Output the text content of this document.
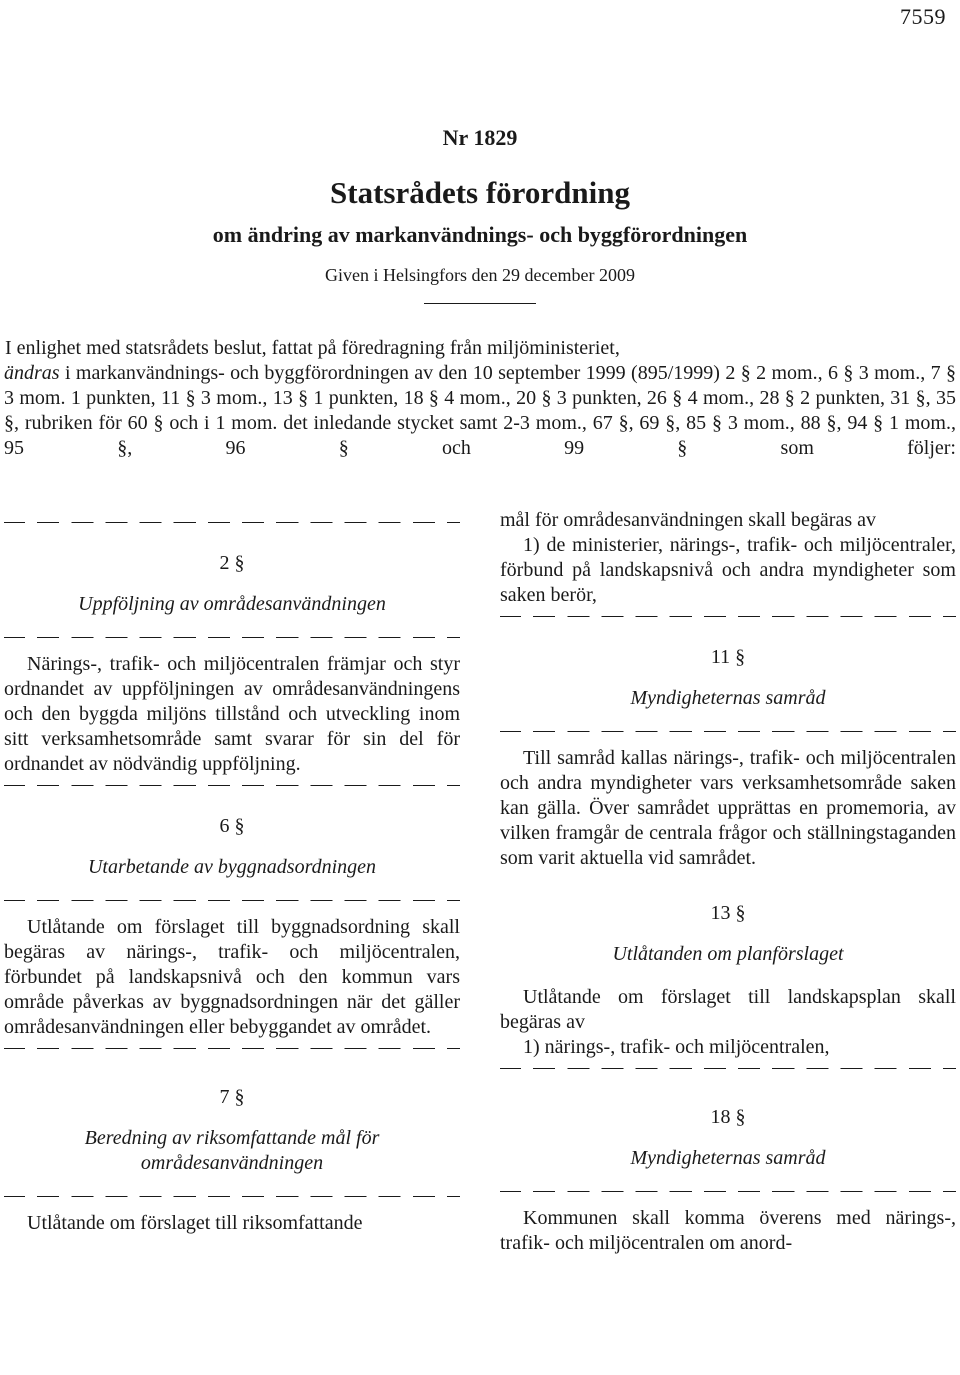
7559

Nr 1829

Statsrådets förordning

om ändring av markanvändnings- och byggförordningen

Given i Helsingfors den 29 december 2009

I enlighet med statsrådets beslut, fattat på föredragning från miljöministeriet,
ändras i markanvändnings- och byggförordningen av den 10 september 1999 (895/1999) 2 § 2 mom., 6 § 3 mom., 7 § 3 mom. 1 punkten, 11 § 3 mom., 13 § 1 punkten, 18 § 4 mom., 20 § 3 punkten, 26 § 4 mom., 28 § 2 punkten, 31 §, 35 §, rubriken för 60 § och i 1 mom. det inledande stycket samt 2-3 mom., 67 §, 69 §, 85 § 3 mom., 88 §, 94 § 1 mom., 95 §, 96 § och 99 § som följer:
2 §
Uppföljning av områdesanvändningen

Närings-, trafik- och miljöcentralen främjar och styr ordnandet av uppföljningen av områdesanvändningens och den byggda miljöns tillstånd och utveckling inom sitt verksamhetsområde samt svarar för sin del för ordnandet av nödvändig uppföljning.

6 §
Utarbetande av byggnadsordningen

Utlåtande om förslaget till byggnadsordning skall begäras av närings-, trafik- och miljöcentralen, förbundet på landskapsnivå och den kommun vars område påverkas av byggnadsordningen när det gäller områdesanvändningen eller bebyggandet av området.

7 §
Beredning av riksomfattande mål för områdesanvändningen

Utlåtande om förslaget till riksomfattande

mål för områdesanvändningen skall begäras av

1) de ministerier, närings-, trafik- och miljöcentraler, förbund på landskapsnivå och andra myndigheter som saken berör,

11 §
Myndigheternas samråd

Till samråd kallas närings-, trafik- och miljöcentralen och andra myndigheter vars verksamhetsområde saken kan gälla. Över samrådet upprättas en promemoria, av vilken framgår de centrala frågor och ställningstaganden som varit aktuella vid samrådet.

13 §
Utlåtanden om planförslaget

Utlåtande om förslaget till landskapsplan skall begäras av

1) närings-, trafik- och miljöcentralen,

18 §
Myndigheternas samråd

Kommunen skall komma överens med närings-, trafik- och miljöcentralen om anord-
